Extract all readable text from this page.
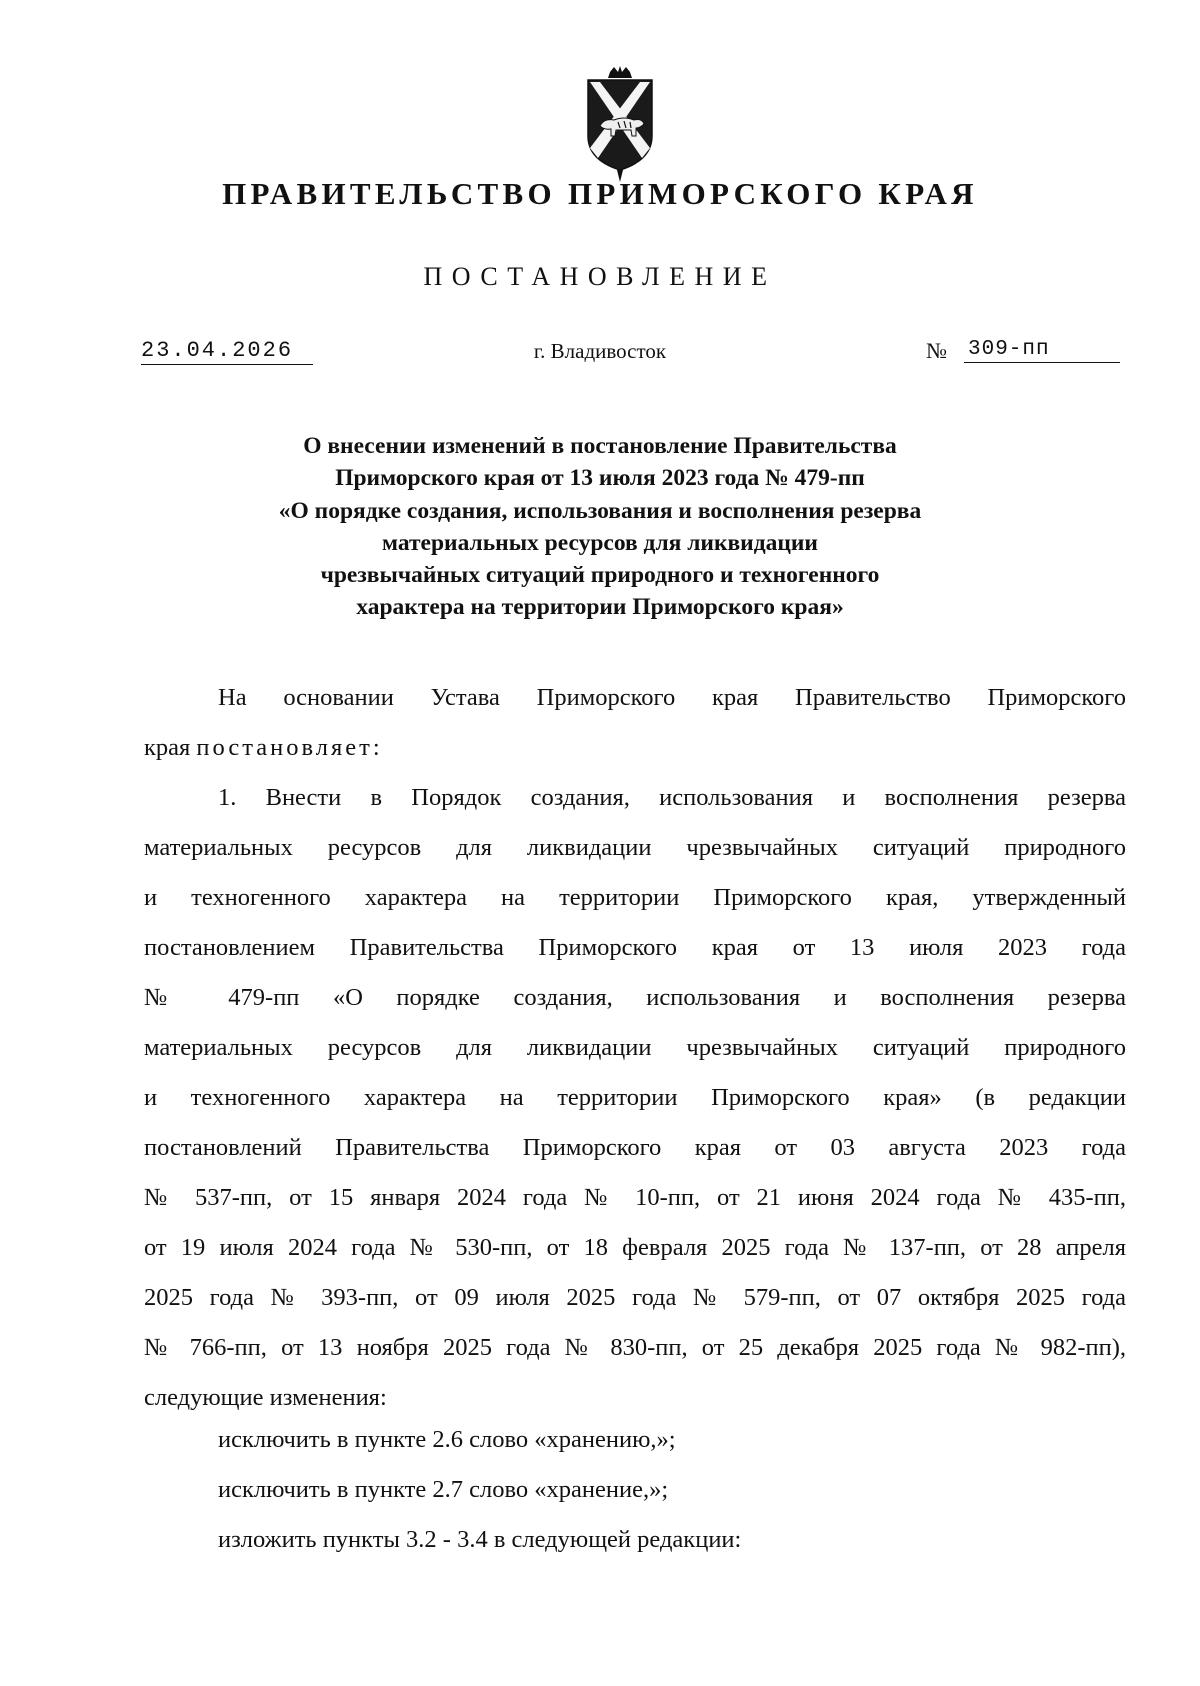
ПРАВИТЕЛЬСТВО ПРИМОРСКОГО КРАЯ
ПОСТАНОВЛЕНИЕ
23.04.2026	г. Владивосток	№ 309-пп
О внесении изменений в постановление Правительства
Приморского края от 13 июля 2023 года № 479-пп
«О порядке создания, использования и восполнения резерва
материальных ресурсов для ликвидации
чрезвычайных ситуаций природного и техногенного
характера на территории Приморского края»
На основании Устава Приморского края Правительство Приморского
края постановляет:
1. Внести в Порядок создания, использования и восполнения резерва
материальных ресурсов для ликвидации чрезвычайных ситуаций природного
и техногенного характера на территории Приморского края, утвержденный
постановлением Правительства Приморского края от 13 июля 2023 года
№ 479-пп «О порядке создания, использования и восполнения резерва
материальных ресурсов для ликвидации чрезвычайных ситуаций природного
и техногенного характера на территории Приморского края» (в редакции
постановлений Правительства Приморского края от 03 августа 2023 года
№ 537-пп, от 15 января 2024 года № 10-пп, от 21 июня 2024 года № 435-пп,
от 19 июля 2024 года № 530-пп, от 18 февраля 2025 года № 137-пп, от 28 апреля
2025 года № 393-пп, от 09 июля 2025 года № 579-пп, от 07 октября 2025 года
№ 766-пп, от 13 ноября 2025 года № 830-пп, от 25 декабря 2025 года № 982-пп),
следующие изменения:
исключить в пункте 2.6 слово «хранению,»;
исключить в пункте 2.7 слово «хранение,»;
изложить пункты 3.2 - 3.4 в следующей редакции:
